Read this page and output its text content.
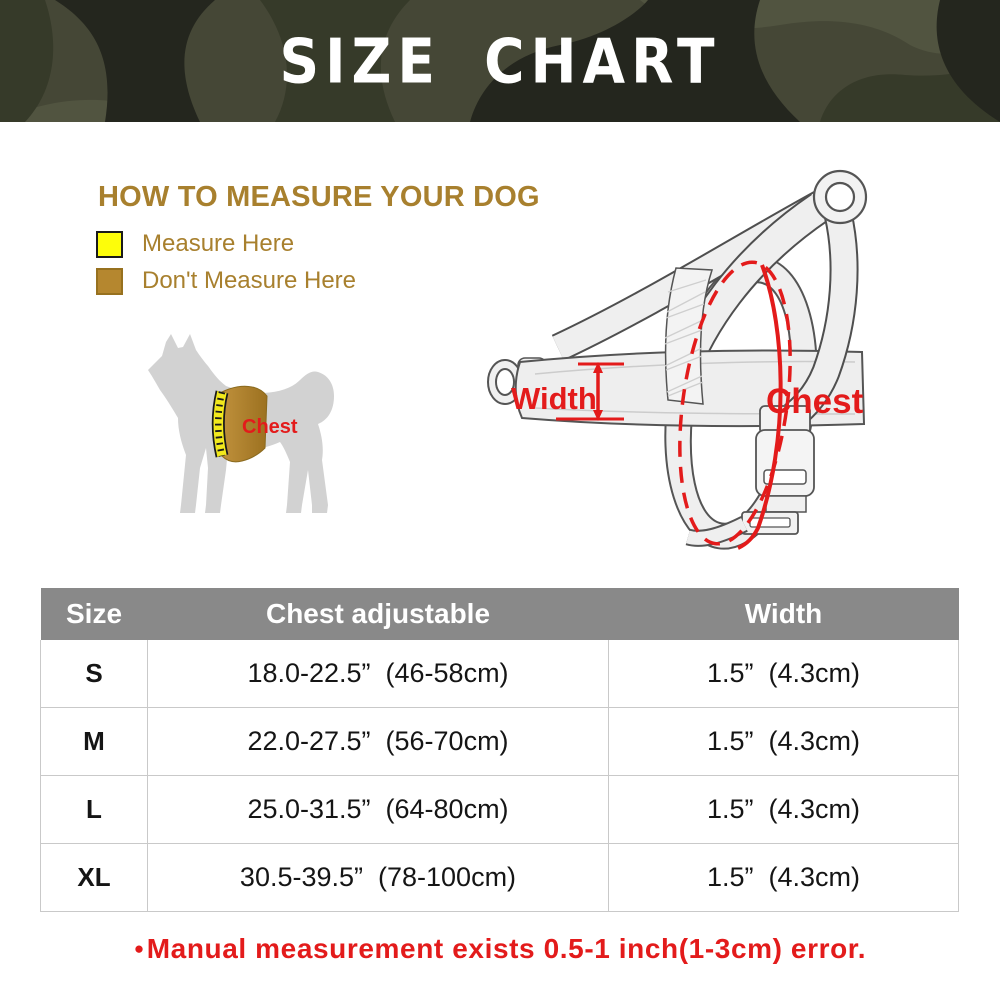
SIZE CHART
HOW TO MEASURE YOUR DOG
Measure Here
Don't Measure Here
Chest
Width	Chest
Size	Chest adjustable	Width
S	18.0-22.5”  (46-58cm)	1.5”  (4.3cm)
M	22.0-27.5”  (56-70cm)	1.5”  (4.3cm)
L	25.0-31.5”  (64-80cm)	1.5”  (4.3cm)
XL	30.5-39.5”  (78-100cm)	1.5”  (4.3cm)
●Manual measurement exists 0.5-1 inch(1-3cm) error.
